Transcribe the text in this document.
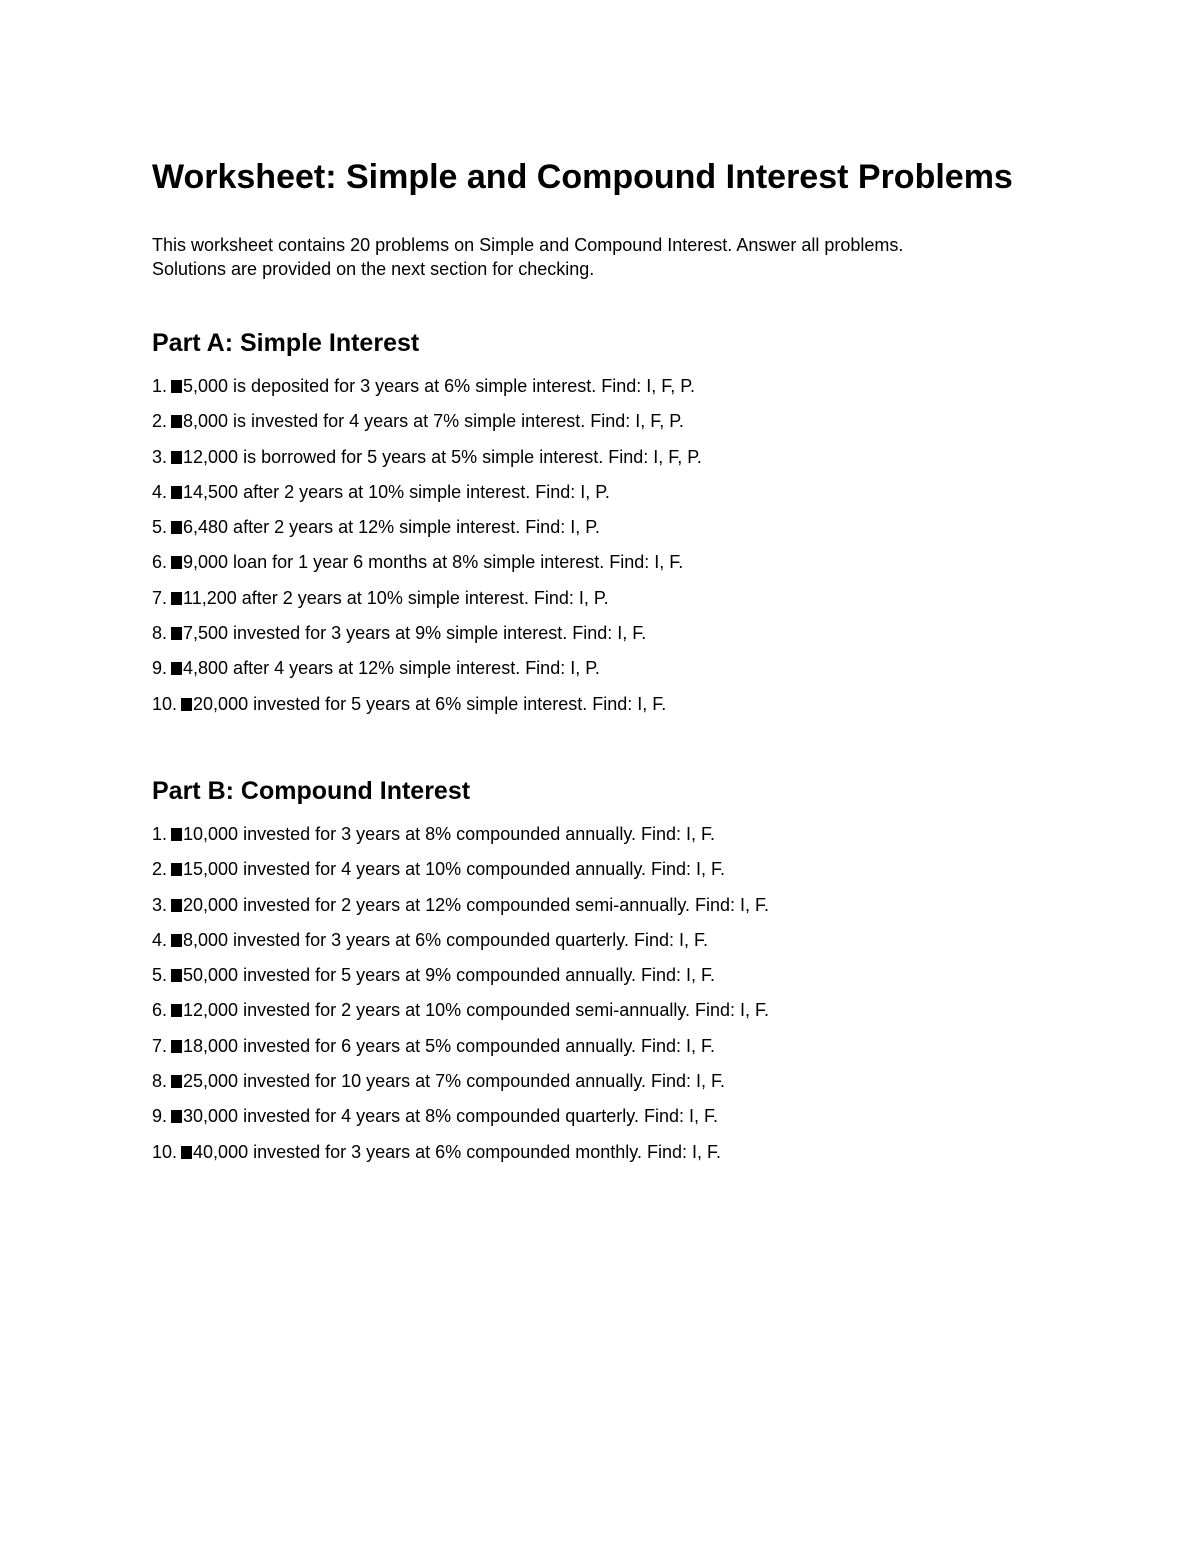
Worksheet: Simple and Compound Interest Problems

This worksheet contains 20 problems on Simple and Compound Interest. Answer all problems.
Solutions are provided on the next section for checking.

Part A: Simple Interest
1. 5,000 is deposited for 3 years at 6% simple interest. Find: I, F, P.
2. 8,000 is invested for 4 years at 7% simple interest. Find: I, F, P.
3. 12,000 is borrowed for 5 years at 5% simple interest. Find: I, F, P.
4. 14,500 after 2 years at 10% simple interest. Find: I, P.
5. 6,480 after 2 years at 12% simple interest. Find: I, P.
6. 9,000 loan for 1 year 6 months at 8% simple interest. Find: I, F.
7. 11,200 after 2 years at 10% simple interest. Find: I, P.
8. 7,500 invested for 3 years at 9% simple interest. Find: I, F.
9. 4,800 after 4 years at 12% simple interest. Find: I, P.
10. 20,000 invested for 5 years at 6% simple interest. Find: I, F.
Part B: Compound Interest
1. 10,000 invested for 3 years at 8% compounded annually. Find: I, F.
2. 15,000 invested for 4 years at 10% compounded annually. Find: I, F.
3. 20,000 invested for 2 years at 12% compounded semi-annually. Find: I, F.
4. 8,000 invested for 3 years at 6% compounded quarterly. Find: I, F.
5. 50,000 invested for 5 years at 9% compounded annually. Find: I, F.
6. 12,000 invested for 2 years at 10% compounded semi-annually. Find: I, F.
7. 18,000 invested for 6 years at 5% compounded annually. Find: I, F.
8. 25,000 invested for 10 years at 7% compounded annually. Find: I, F.
9. 30,000 invested for 4 years at 8% compounded quarterly. Find: I, F.
10. 40,000 invested for 3 years at 6% compounded monthly. Find: I, F.
